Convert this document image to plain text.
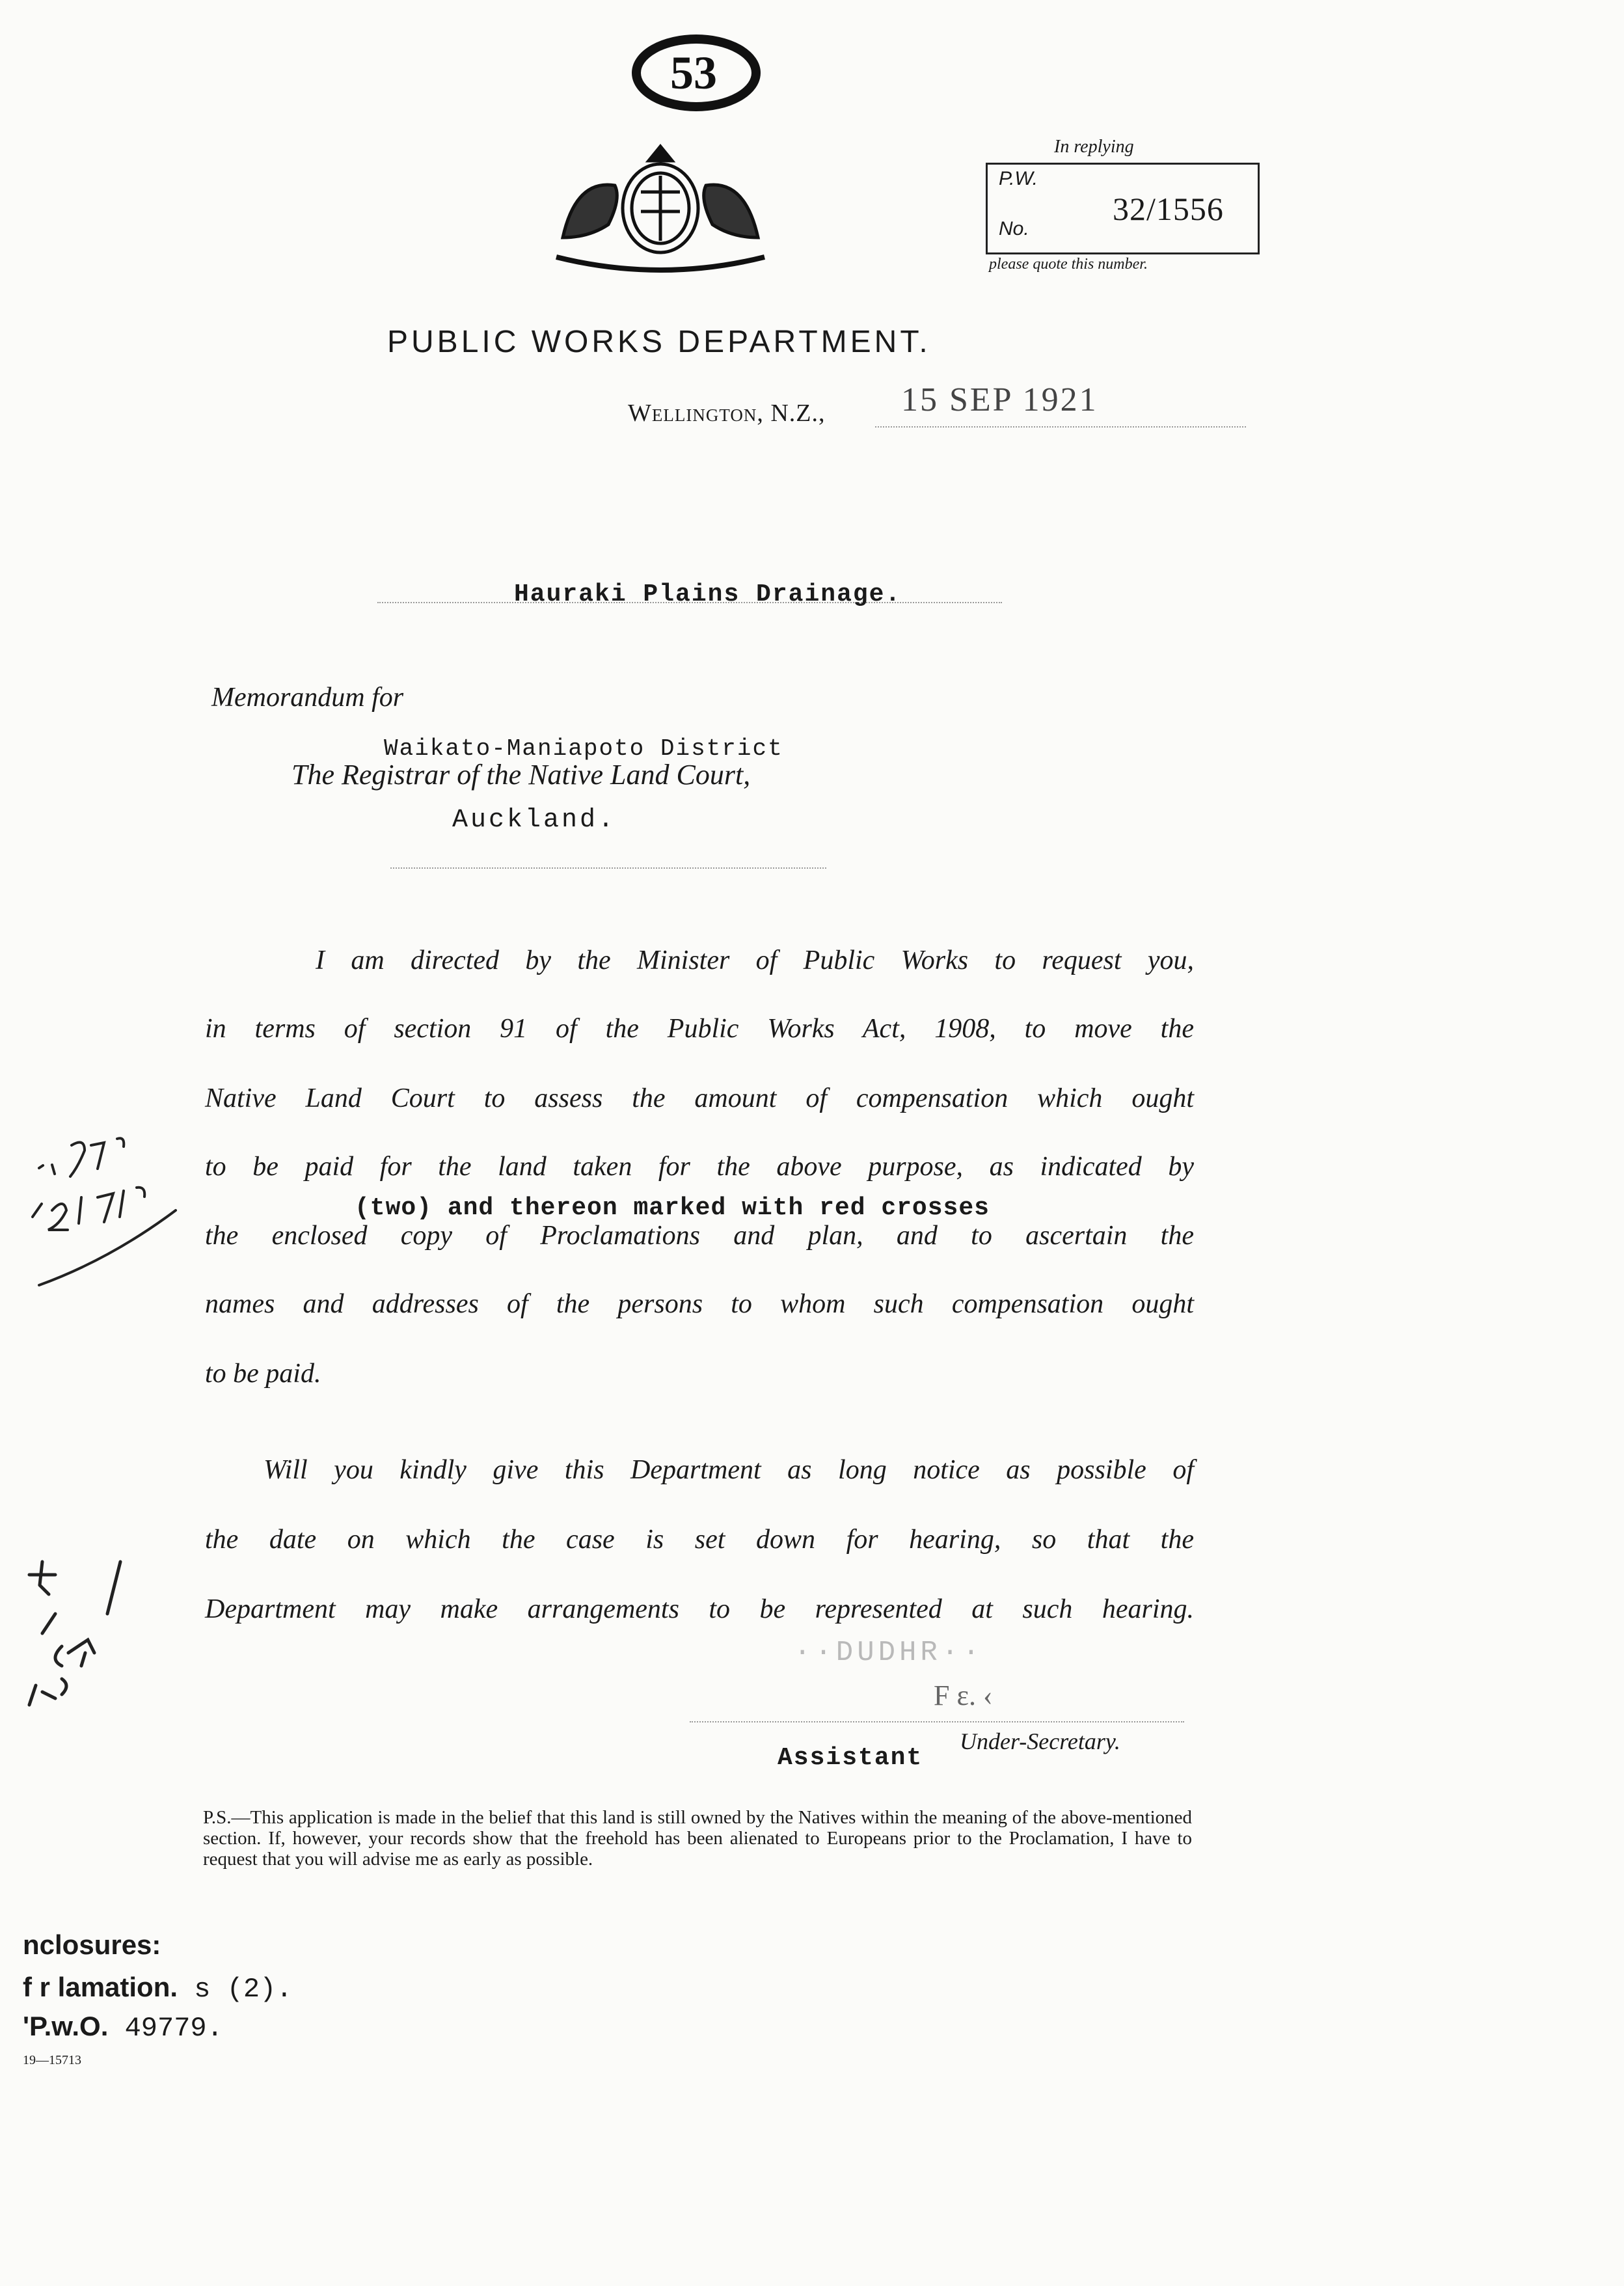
53
In replying
P.W.
No.
32/1556
please quote this number.
PUBLIC WORKS DEPARTMENT.
Wellington, N.Z., 15 SEP 1921
Hauraki Plains Drainage.
Memorandum for
Waikato-Maniapoto District
The Registrar of the Native Land Court,
Auckland.
I am directed by the Minister of Public Works to request you,
in terms of section 91 of the Public Works Act, 1908, to move the
Native Land Court to assess the amount of compensation which ought
to be paid for the land taken for the above purpose, as indicated by
(two) and thereon marked with red crosses
the enclosed copy of Proclamations and plan, and to ascertain the
names and addresses of the persons to whom such compensation ought
to be paid.
Will you kindly give this Department as long notice as possible of
the date on which the case is set down for hearing, so that the
Department may make arrangements to be represented at such hearing.
··DUDHR··
F ε. ‹
Under-Secretary.
Assistant
P.S.—This application is made in the belief that this land is still owned by the Natives within the meaning of the above-mentioned section. If, however, your records show that the freehold has been alienated to Europeans prior to the Proclamation, I have to request that you will advise me as early as possible.
nclosures:
f r lamation. s (2).
'P.w.O. 49779.
19—15713
